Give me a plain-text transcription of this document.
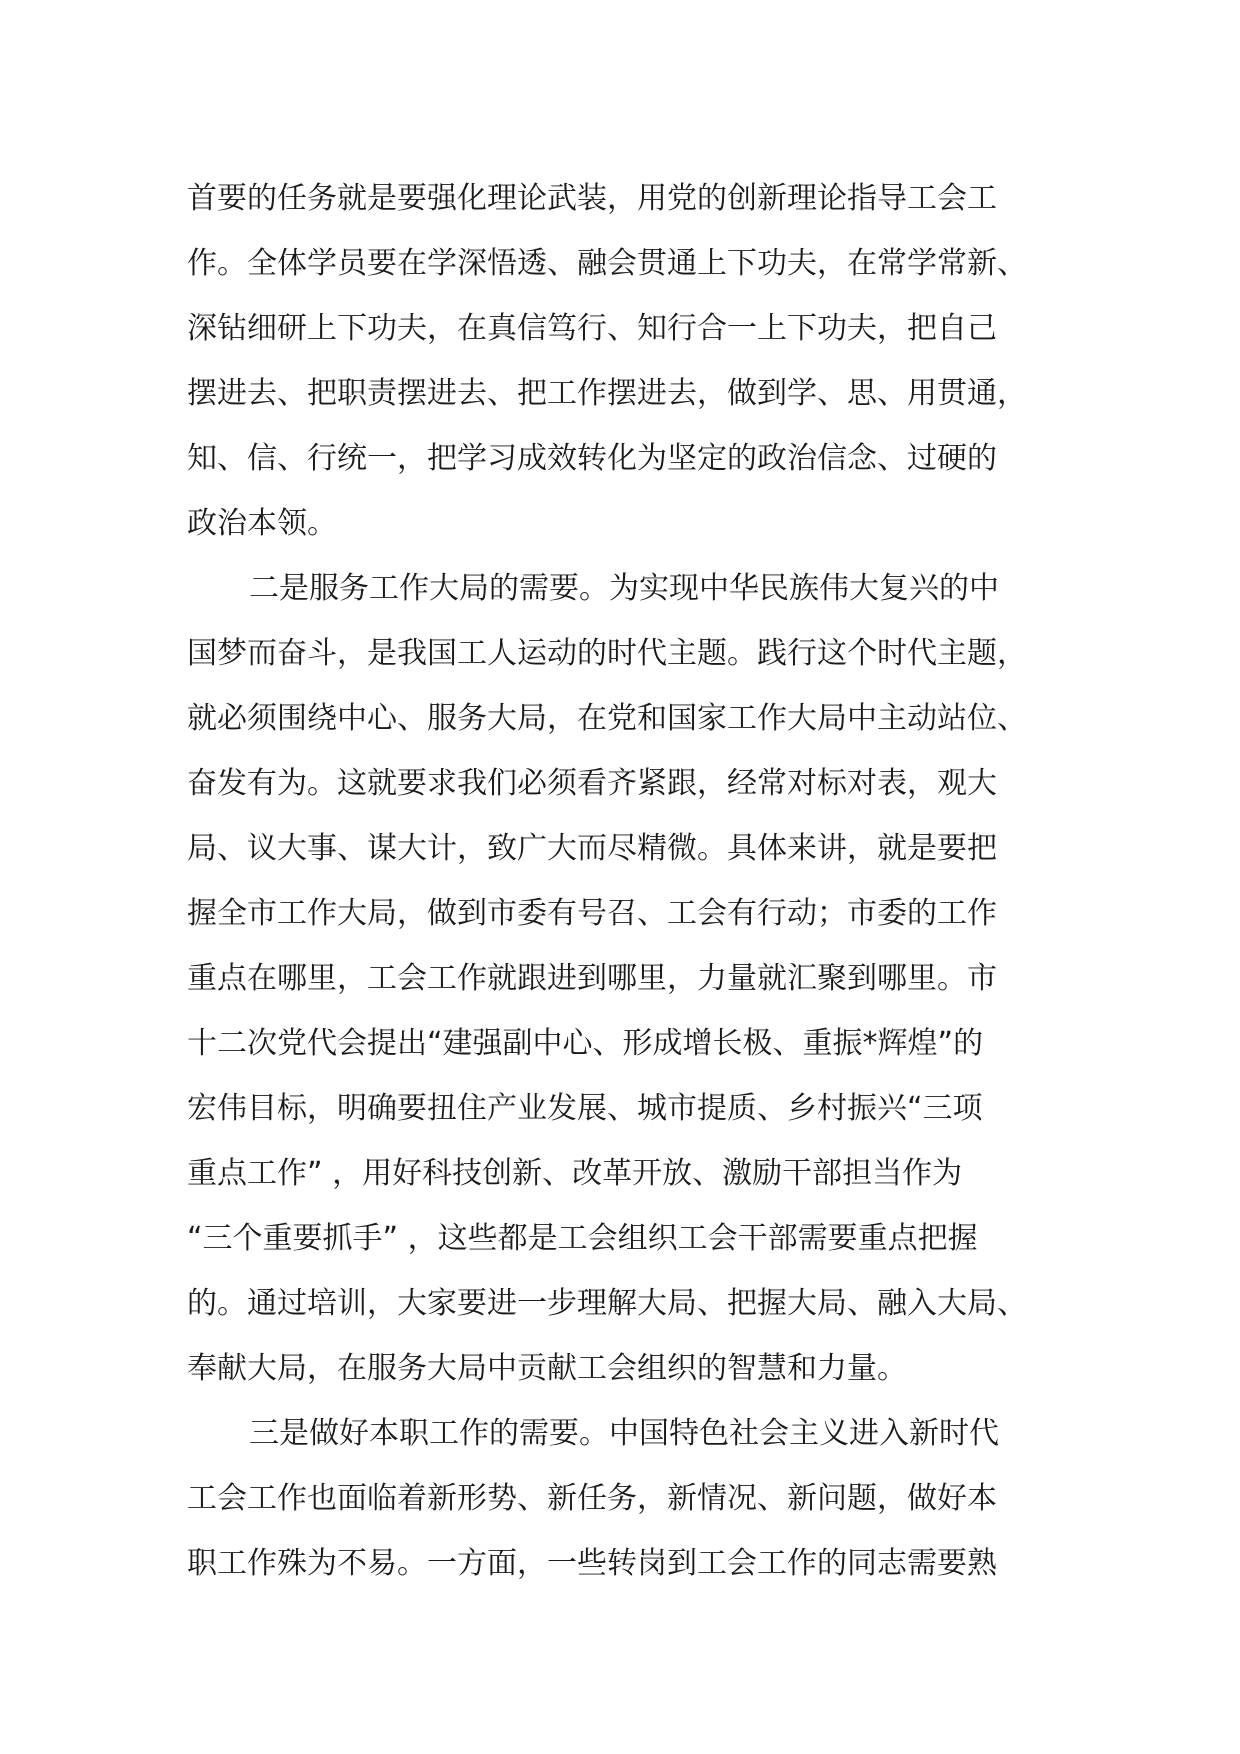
首要的任务就是要强化理论武装，用党的创新理论指导工会工
作。全体学员要在学深悟透、融会贯通上下功夫，在常学常新、
深钻细研上下功夫，在真信笃行、知行合一上下功夫，把自己
摆进去、把职责摆进去、把工作摆进去，做到学、思、用贯通，
知、信、行统一，把学习成效转化为坚定的政治信念、过硬的
政治本领。
二是服务工作大局的需要。为实现中华民族伟大复兴的中
国梦而奋斗，是我国工人运动的时代主题。践行这个时代主题，
就必须围绕中心、服务大局，在党和国家工作大局中主动站位、
奋发有为。这就要求我们必须看齐紧跟，经常对标对表，观大
局、议大事、谋大计，致广大而尽精微。具体来讲，就是要把
握全市工作大局，做到市委有号召、工会有行动；市委的工作
重点在哪里，工会工作就跟进到哪里，力量就汇聚到哪里。市
十二次党代会提出“建强副中心、形成增长极、重振*辉煌”的
宏伟目标，明确要扭住产业发展、城市提质、乡村振兴“三项
重点工作” ，用好科技创新、改革开放、激励干部担当作为
“三个重要抓手” ，这些都是工会组织工会干部需要重点把握
的。通过培训，大家要进一步理解大局、把握大局、融入大局、
奉献大局，在服务大局中贡献工会组织的智慧和力量。
三是做好本职工作的需要。中国特色社会主义进入新时代
工会工作也面临着新形势、新任务，新情况、新问题，做好本
职工作殊为不易。一方面，一些转岗到工会工作的同志需要熟
